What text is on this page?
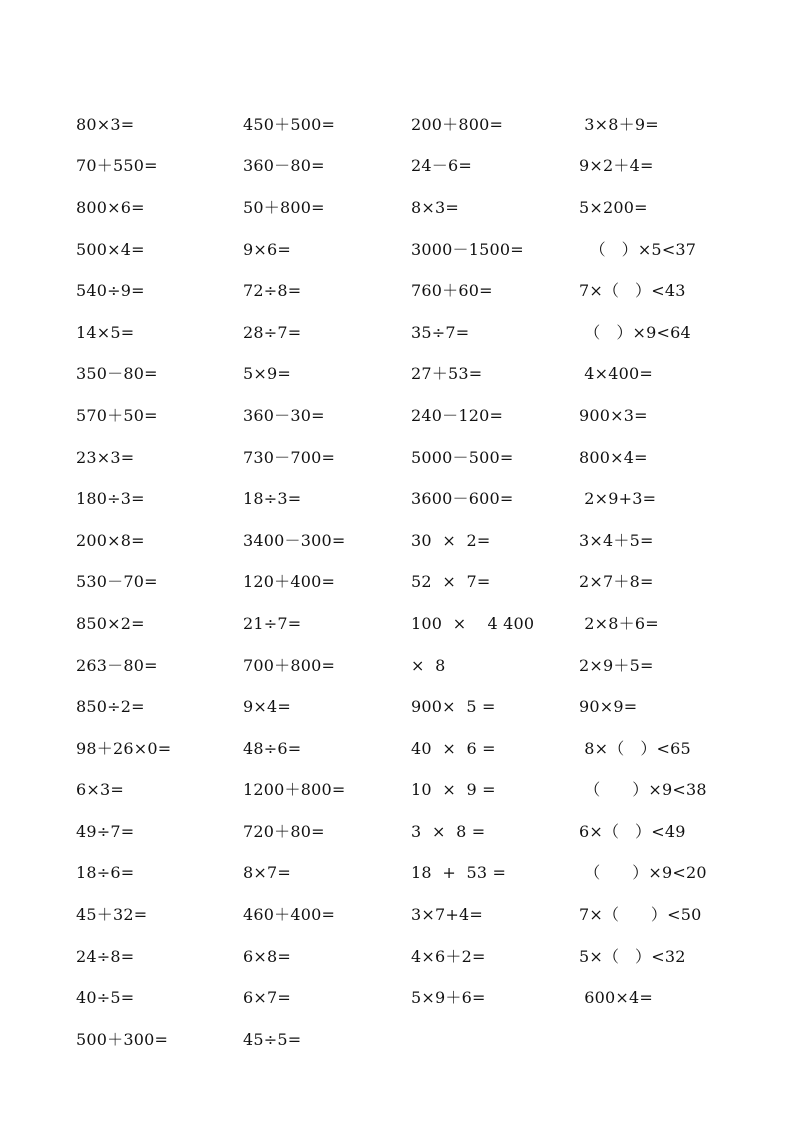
80×3=	450＋500=	200＋800=	3×8＋9=
70＋550=	360－80=	24－6=	9×2＋4=
800×6=	50＋800=	8×3=	5×200=
500×4=	9×6=	3000－1500=	（   ）×5<37
540÷9=	72÷8=	760＋60=	7×（   ）<43
14×5=	28÷7=	35÷7=	（   ）×9<64
350－80=	5×9=	27＋53=	4×400=
570＋50=	360－30=	240－120=	900×3=
23×3=	730－700=	5000－500=	800×4=
180÷3=	18÷3=	3600－600=	2×9+3=
200×8=	3400－300=	30  ×  2=	3×4＋5=
530－70=	120＋400=	52  ×  7=	2×7＋8=
850×2=	21÷7=	100  ×    4 400	2×8＋6=
263－80=	700＋800=	×  8	2×9＋5=
850÷2=	9×4=	900×  5 =	90×9=
98＋26×0=	48÷6=	40  ×  6 =	8×（   ）<65
6×3=	1200＋800=	10  ×  9 =	（      ）×9<38
49÷7=	720＋80=	3  ×  8 =	6×（   ）<49
18÷6=	8×7=	18  +  53 =	（      ）×9<20
45＋32=	460＋400=	3×7+4=	7×（      ）<50
24÷8=	6×8=	4×6＋2=	5×（   ）<32
40÷5=	6×7=	5×9＋6=	600×4=
500＋300=	45÷5=
